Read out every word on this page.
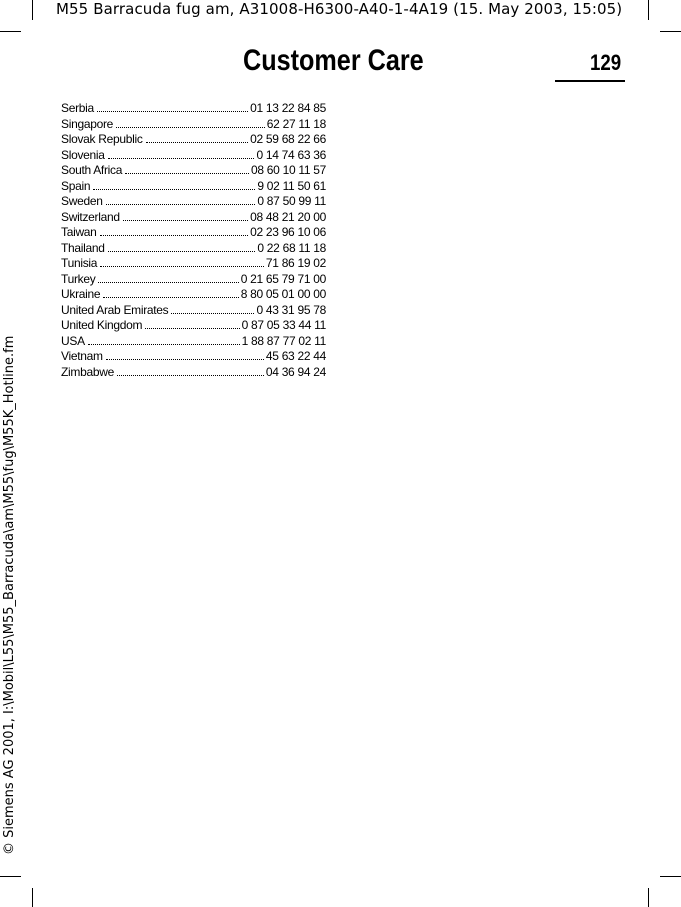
M55 Barracuda fug am, A31008-H6300-A40-1-4A19 (15. May 2003, 15:05)
Customer Care	129
© Siemens AG 2001, I:\Mobil\L55\M55_Barracuda\am\M55\fug\M55K_Hotline.fm
Serbia	01 13 22 84 85
Singapore	62 27 11 18
Slovak Republic	02 59 68 22 66
Slovenia	0 14 74 63 36
South Africa	08 60 10 11 57
Spain	9 02 11 50 61
Sweden	0 87 50 99 11
Switzerland	08 48 21 20 00
Taiwan	02 23 96 10 06
Thailand	0 22 68 11 18
Tunisia	71 86 19 02
Turkey	0 21 65 79 71 00
Ukraine	8 80 05 01 00 00
United Arab Emirates	0 43 31 95 78
United Kingdom	0 87 05 33 44 11
USA	1 88 87 77 02 11
Vietnam	45 63 22 44
Zimbabwe	04 36 94 24
